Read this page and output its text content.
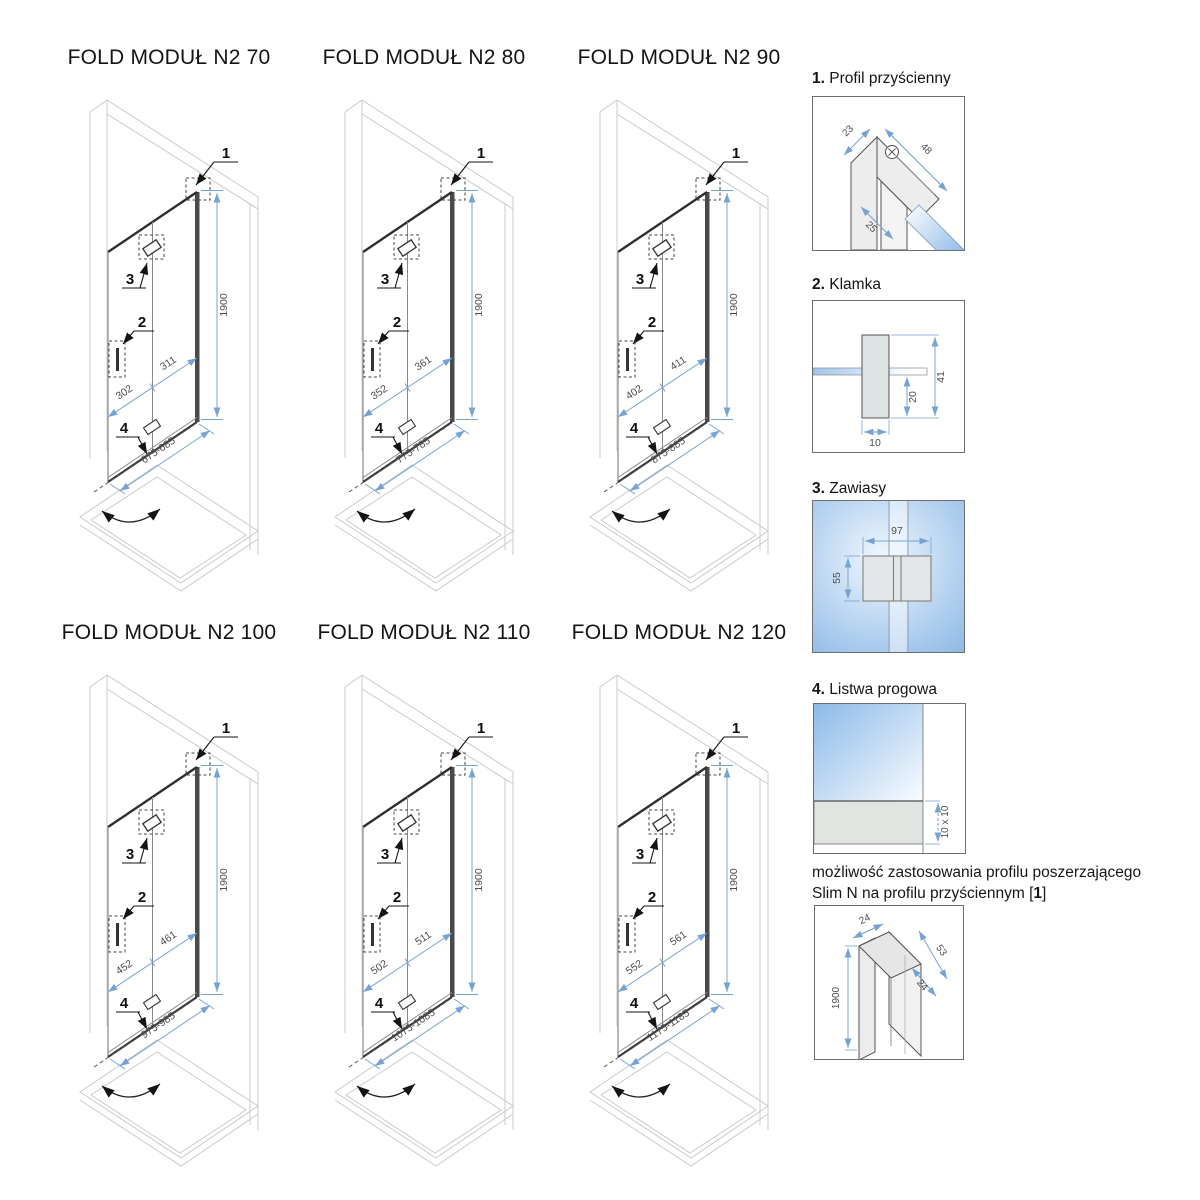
FOLD MODUŁ N2 70
1
3
2
4
1900
675-685
302
311
FOLD MODUŁ N2 80
1
3
2
4
1900
775-785
352
361
FOLD MODUŁ N2 90
1
3
2
4
1900
875-885
402
411
FOLD MODUŁ N2 100
1
3
2
4
1900
975-985
452
461
FOLD MODUŁ N2 110
1
3
2
4
1900
1075-1085
502
511
FOLD MODUŁ N2 120
1
3
2
4
1900
1175-1185
552
561
1. Profil przyścienny
23
48
25
2. Klamka
41
20
10
3. Zawiasy
97
55
4. Listwa progowa
10 x 10
możliwość zastosowania profilu poszerzającego
Slim N na profilu przyściennym [1]
24
53
24
1900
